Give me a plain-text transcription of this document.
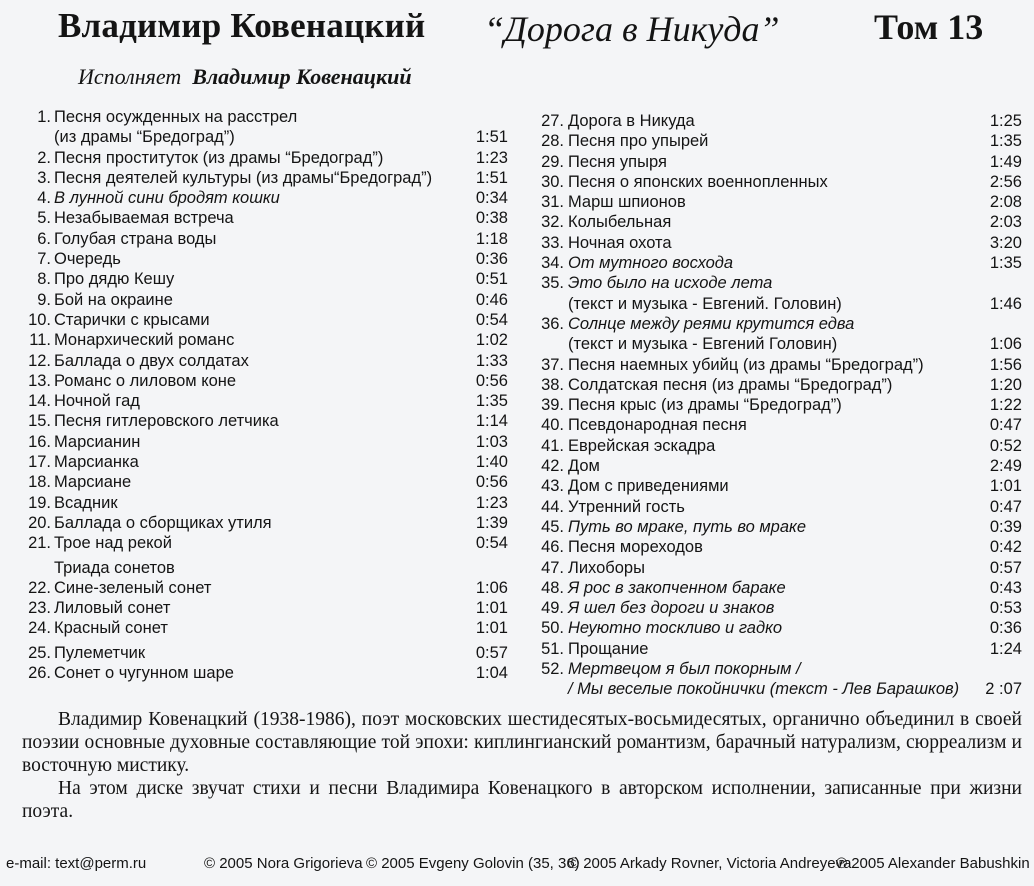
Владимир Ковенацкий “Дорога в Никуда”	Том 13
Исполняет Владимир Ковенацкий
1. Песня осужденных на расстрел
(из драмы “Бредоград”)	1:51
2. Песня проституток (из драмы “Бредоград”)	1:23
3. Песня деятелей культуры (из драмы“Бредоград”)	1:51
4. В лунной сини бродят кошки	0:34
5. Незабываемая встреча	0:38
6. Голубая страна воды	1:18
7. Очередь	0:36
8. Про дядю Кешу	0:51
9. Бой на окраине	0:46
10. Старички с крысами	0:54
11. Монархический романс	1:02
12. Баллада о двух солдатах	1:33
13. Романс о лиловом коне	0:56
14. Ночной гад	1:35
15. Песня гитлеровского летчика	1:14
16. Марсианин	1:03
17. Марсианка	1:40
18. Марсиане	0:56
19. Всадник	1:23
20. Баллада о сборщиках утиля	1:39
21. Трое над рекой	0:54
Триада сонетов
22. Сине-зеленый сонет	1:06
23. Лиловый сонет	1:01
24. Красный сонет	1:01
25. Пулеметчик	0:57
26. Сонет о чугунном шаре	1:04
27. Дорога в Никуда	1:25
28. Песня про упырей	1:35
29. Песня упыря	1:49
30. Песня о японских военнопленных	2:56
31. Марш шпионов	2:08
32. Колыбельная	2:03
33. Ночная охота	3:20
34. От мутного восхода	1:35
35. Это было на исходе лета
(текст и музыка - Евгений. Головин)	1:46
36. Солнце между реями крутится едва
(текст и музыка - Евгений Головин)	1:06
37. Песня наемных убийц (из драмы “Бредоград”)	1:56
38. Солдатская песня (из драмы “Бредоград”)	1:20
39. Песня крыс (из драмы “Бредоград”)	1:22
40. Псевдонародная песня	0:47
41. Еврейская эскадра	0:52
42. Дом	2:49
43. Дом с приведениями	1:01
44. Утренний гость	0:47
45. Путь во мраке, путь во мраке	0:39
46. Песня мореходов	0:42
47. Лихоборы	0:57
48. Я рос в закопченном бараке	0:43
49. Я шел без дороги и знаков	0:53
50. Неуютно тоскливо и гадко	0:36
51. Прощание	1:24
52. Мертвецом я был покорным /
/ Мы веселые покойнички (текст - Лев Барашков) 2 :07

Владимир Ковенацкий (1938-1986), поэт московских шестидесятых-восьмидесятых, органично объединил в своей поэзии основные духовные составляющие той эпохи: киплингианский романтизм, барачный натурализм, сюрреализм и восточную мистику.

На этом диске звучат стихи и песни Владимира Ковенацкого в авторском исполнении, записанные при жизни поэта.

e-mail: text@perm.ru	© 2005 Nora Grigorieva © 2005 Evgeny Golovin (35, 36)
© 2005 Arkady Rovner, Victoria Andreyeva
℗ 2005 Alexander Babushkin
